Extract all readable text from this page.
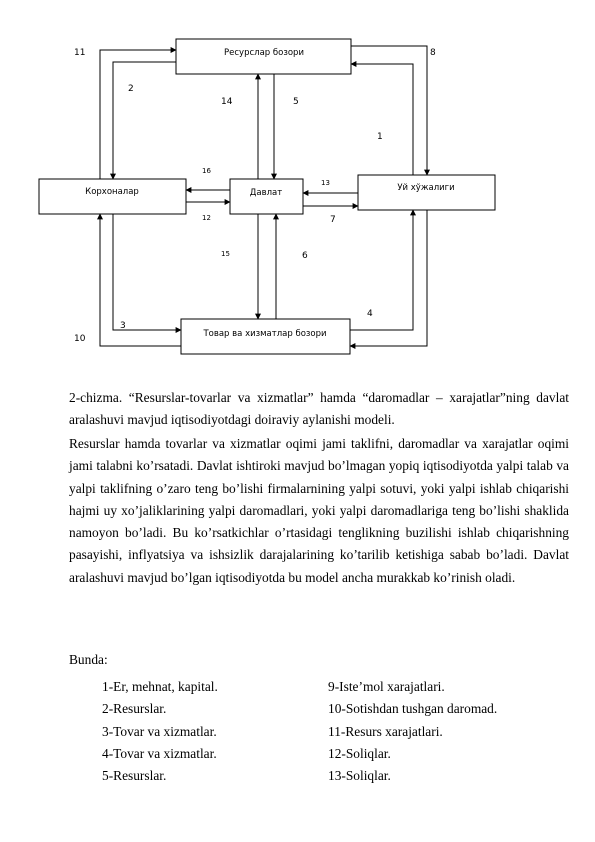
Ресурслар бозори
Корхоналар	Давлат	Уй хўжалиги
Товар ва хизматлар бозори
11	8
2
14	5
1
16
13
12	7
15	6
4
3
10

2-chizma. “Resurslar-tovarlar va xizmatlar” hamda “daromadlar – xarajatlar”ning davlat aralashuvi mavjud iqtisodiyotdagi doiraviy aylanishi modeli.

Resurslar hamda tovarlar va xizmatlar oqimi jami taklifni, daromadlar va xarajatlar oqimi jami talabni ko’rsatadi. Davlat ishtiroki mavjud bo’lmagan yopiq iqtisodiyotda yalpi talab va yalpi taklifning o’zaro teng bo’lishi firmalarnining yalpi sotuvi, yoki yalpi ishlab chiqarishi hajmi uy xo’jaliklarining yalpi daromadlari, yoki yalpi daromadlariga teng bo’lishi shaklida namoyon bo’ladi. Bu ko’rsatkichlar o’rtasidagi tenglikning buzilishi ishlab chiqarishning pasayishi, inflyatsiya va ishsizlik darajalarining ko’tarilib ketishiga sabab bo’ladi. Davlat aralashuvi mavjud bo’lgan iqtisodiyotda bu model ancha murakkab ko’rinish oladi.

Bunda:
1-Er, mehnat, kapital.
2-Resurslar.
3-Tovar va xizmatlar.
4-Tovar va xizmatlar.
5-Resurslar.
9-Iste’mol xarajatlari.
10-Sotishdan tushgan daromad.
11-Resurs xarajatlari.
12-Soliqlar.
13-Soliqlar.
